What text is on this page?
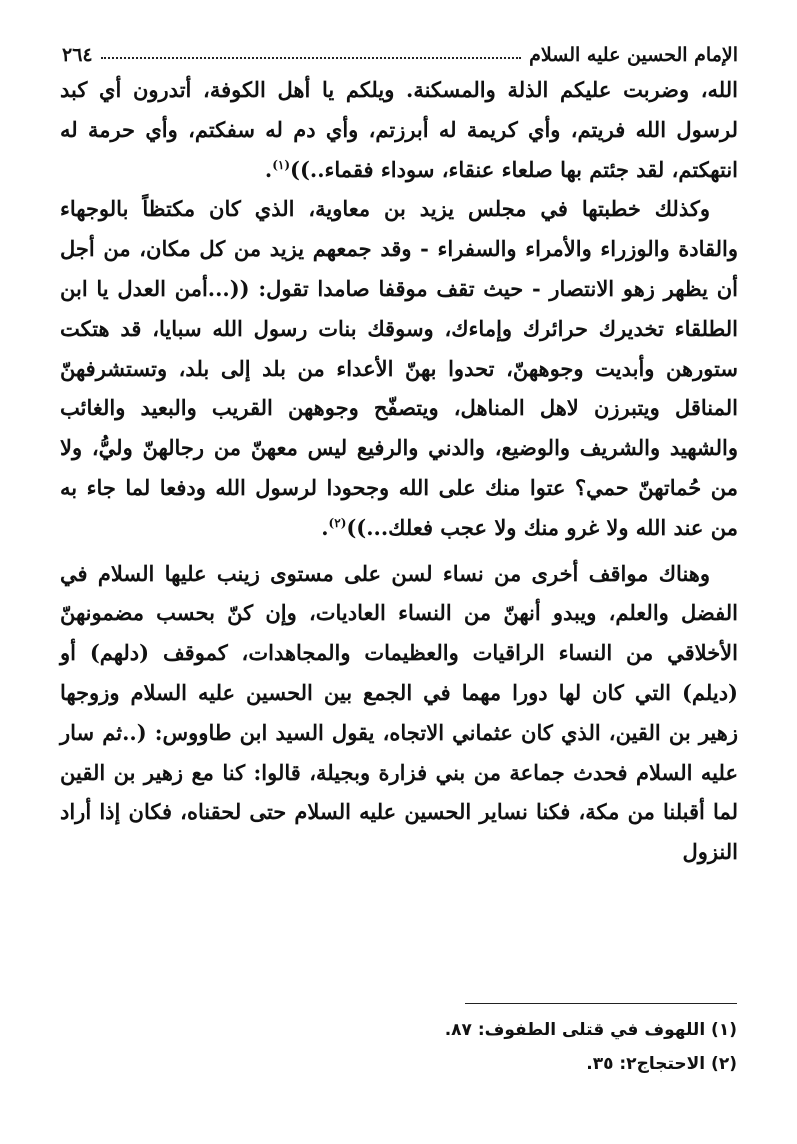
الإمام الحسين عليه السلام
٢٦٤

الله، وضربت عليكم الذلة والمسكنة. ويلكم يا أهل الكوفة، أتدرون أي كبد لرسول الله فريتم، وأي كريمة له أبرزتم، وأي دم له سفكتم، وأي حرمة له انتهكتم، لقد جئتم بها صلعاء عنقاء، سوداء فقماء..))$^{(١)}$.

وكذلك خطبتها في مجلس يزيد بن معاوية، الذي كان مكتظاً بالوجهاء والقادة والوزراء والأمراء والسفراء - وقد جمعهم يزيد من كل مكان، من أجل أن يظهر زهو الانتصار - حيث تقف موقفا صامدا تقول: ((...أمن العدل يا ابن الطلقاء تخديرك حرائرك وإماءك، وسوقك بنات رسول الله سبايا، قد هتكت ستورهن وأبديت وجوههنّ، تحدوا بهنّ الأعداء من بلد إلى بلد، وتستشرفهنّ المناقل ويتبرزن لاهل المناهل، ويتصفّح وجوههن القريب والبعيد والغائب والشهيد والشريف والوضيع، والدني والرفيع ليس معهنّ من رجالهنّ وليُّ، ولا من حُماتهنّ حمي؟ عتوا منك على الله وجحودا لرسول الله ودفعا لما جاء به من عند الله ولا غرو منك ولا عجب فعلك...))$^{(٢)}$.

وهناك مواقف أخرى من نساء لسن على مستوى زينب عليها السلام في الفضل والعلم، ويبدو أنهنّ من النساء العاديات، وإن كنّ بحسب مضمونهنّ الأخلاقي من النساء الراقيات والعظيمات والمجاهدات، كموقف (دلهم) أو (ديلم) التي كان لها دورا مهما في الجمع بين الحسين عليه السلام وزوجها زهير بن القين، الذي كان عثماني الاتجاه، يقول السيد ابن طاووس: (..ثم سار عليه السلام فحدث جماعة من بني فزارة وبجيلة، قالوا: كنا مع زهير بن القين لما أقبلنا من مكة، فكنا نساير الحسين عليه السلام حتى لحقناه، فكان إذا أراد النزول

(١) اللهوف في قتلى الطفوف: ٨٧.
(٢) الاحتجاج٢: ٣٥.
